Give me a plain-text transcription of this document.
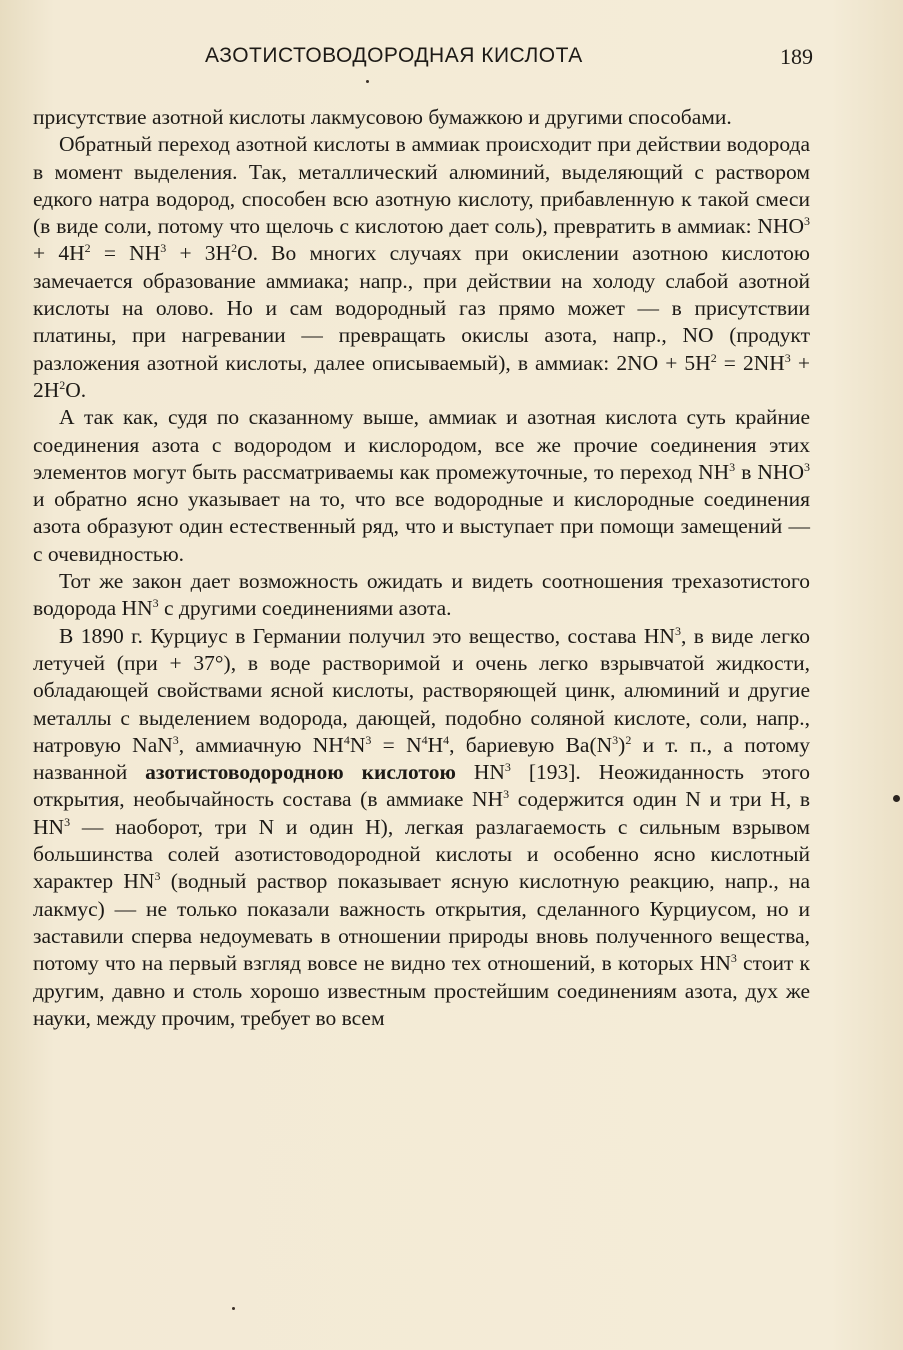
АЗОТИСТОВОДОРОДНАЯ КИСЛОТА	189

присутствие азотной кислоты лакмусовою бумажкою и другими способами.

Обратный переход азотной кислоты в аммиак происходит при действии водорода в момент выделения. Так, металлический алюминий, выделяющий с раствором едкого натра водород, способен всю азотную кислоту, прибавленную к такой смеси (в виде соли, потому что щелочь с кислотою дает соль), превратить в аммиак: $NHO^3 + 4H^2 = NH^3 + 3H^2O$. Во многих случаях при окислении азотною кислотою замечается образование аммиака; напр., при действии на холоду слабой азотной кислоты на олово. Но и сам водородный газ прямо может — в присутствии платины, при нагревании — превращать окислы азота, напр., NO (продукт разложения азотной кислоты, далее описываемый), в аммиак: $2NO + 5H^2 = 2NH^3 + 2H^2O$.

А так как, судя по сказанному выше, аммиак и азотная кислота суть крайние соединения азота с водородом и кислородом, все же прочие соединения этих элементов могут быть рассматриваемы как промежуточные, то переход $NH^3$ в NHO$^3$ и обратно ясно указывает на то, что все водородные и кислородные соединения азота образуют один естественный ряд, что и выступает при помощи замещений — с очевидностью.

Тот же закон дает возможность ожидать и видеть соотношения трехазотистого водорода $HN^3$ с другими соединениями азота.

В 1890 г. Курциус в Германии получил это вещество, состава $HN^3$, в виде легко летучей (при + 37°), в воде растворимой и очень легко взрывчатой жидкости, обладающей свойствами ясной кислоты, растворяющей цинк, алюминий и другие металлы с выделением водорода, дающей, подобно соляной кислоте, соли, напр., натровую NaN$^3$, аммиачную $NH^4N^3 = N^4H^4$, бариевую $Ba(N^3)^2$ и т. п., а потому названной азотистоводородною кислотою $HN^3$ [193]. Неожиданность этого открытия, необычайность состава (в аммиаке $NH^3$ содержится один N и три H, в $HN^3$ — наоборот, три N и один H), легкая разлагаемость с сильным взрывом большинства солей азотистоводородной кислоты и особенно ясно кислотный характер $HN^3$ (водный раствор показывает ясную кислотную реакцию, напр., на лакмус) — не только показали важность открытия, сделанного Курциусом, но и заставили сперва недоумевать в отношении природы вновь полученного вещества, потому что на первый взгляд вовсе не видно тех отношений, в которых $HN^3$ стоит к другим, давно и столь хорошо известным простейшим соединениям азота, дух же науки, между прочим, требует во всем
